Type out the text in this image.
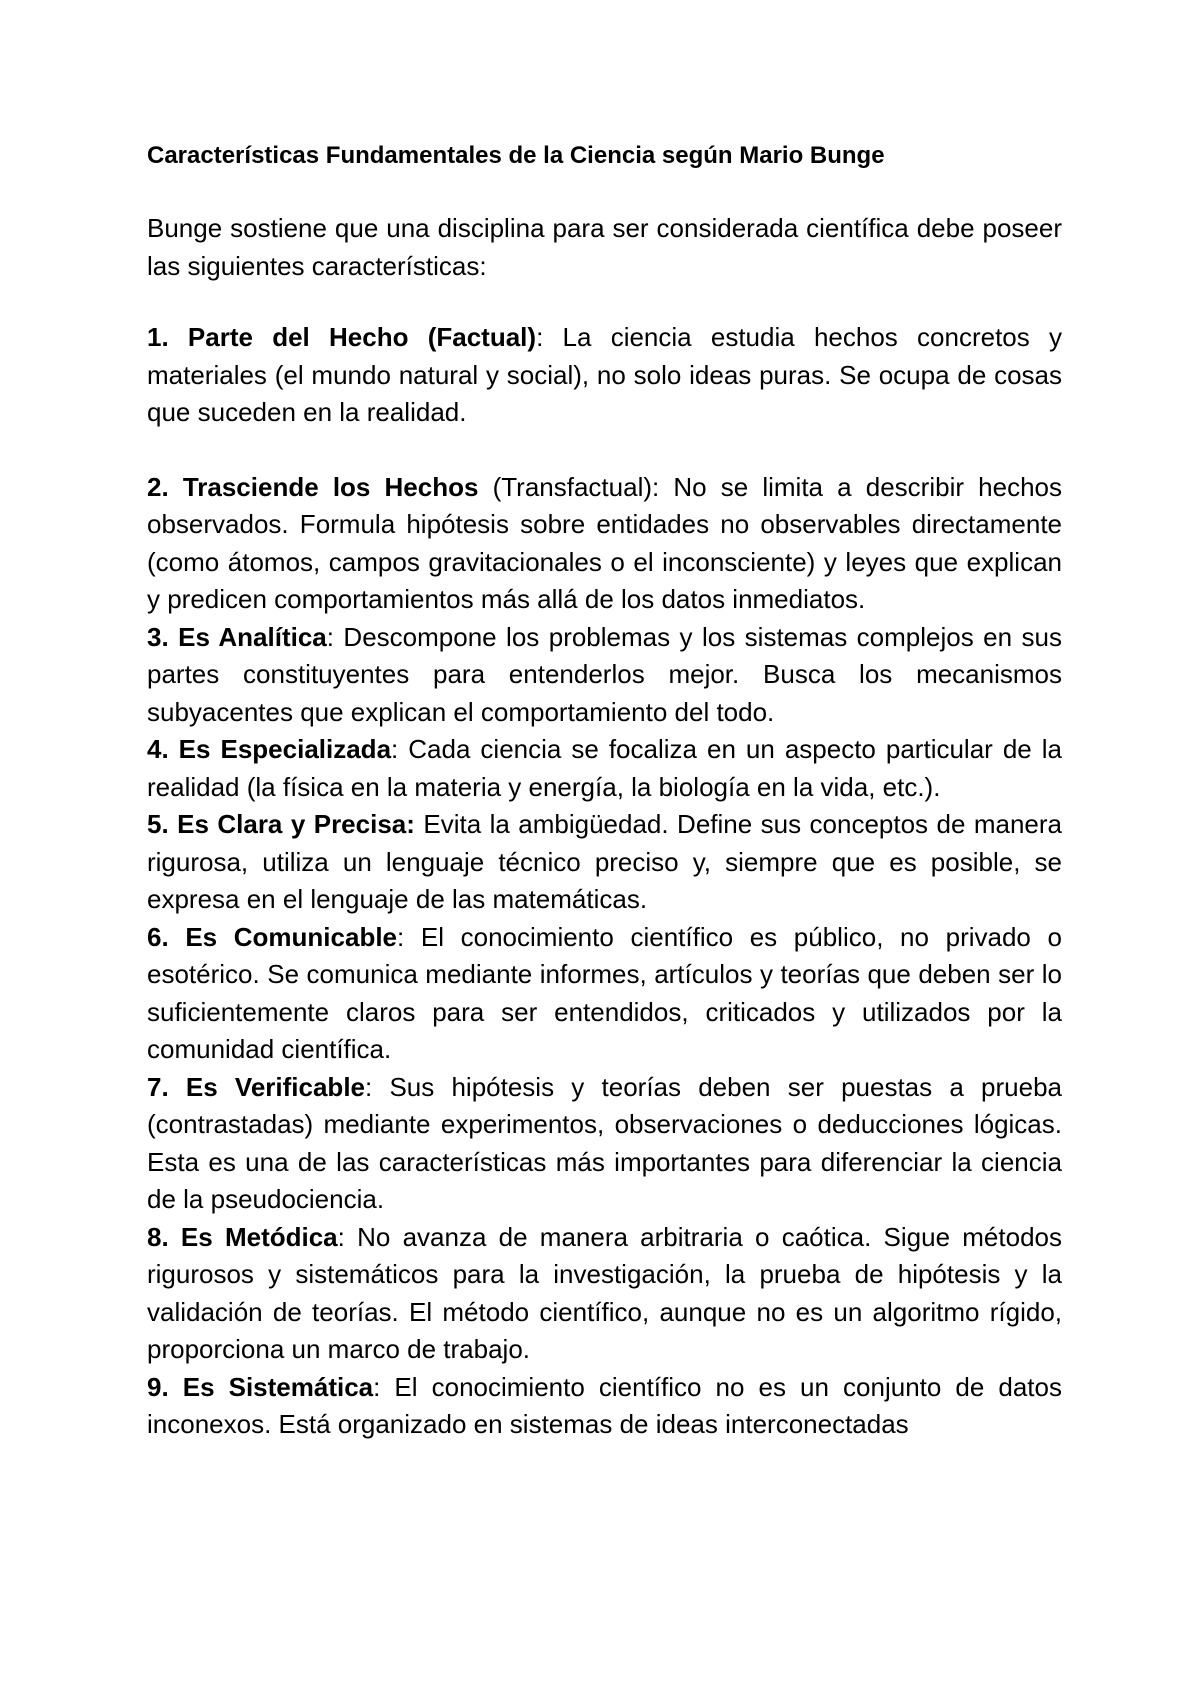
Características Fundamentales de la Ciencia según Mario Bunge

Bunge sostiene que una disciplina para ser considerada científica debe poseer las siguientes características:

1. Parte del Hecho (Factual): La ciencia estudia hechos concretos y materiales (el mundo natural y social), no solo ideas puras. Se ocupa de cosas que suceden en la realidad.

2. Trasciende los Hechos (Transfactual): No se limita a describir hechos observados. Formula hipótesis sobre entidades no observables directamente (como átomos, campos gravitacionales o el inconsciente) y leyes que explican y predicen comportamientos más allá de los datos inmediatos.

3. Es Analítica: Descompone los problemas y los sistemas complejos en sus partes constituyentes para entenderlos mejor. Busca los mecanismos subyacentes que explican el comportamiento del todo.

4. Es Especializada: Cada ciencia se focaliza en un aspecto particular de la realidad (la física en la materia y energía, la biología en la vida, etc.).

5. Es Clara y Precisa: Evita la ambigüedad. Define sus conceptos de manera rigurosa, utiliza un lenguaje técnico preciso y, siempre que es posible, se expresa en el lenguaje de las matemáticas.

6. Es Comunicable: El conocimiento científico es público, no privado o esotérico. Se comunica mediante informes, artículos y teorías que deben ser lo suficientemente claros para ser entendidos, criticados y utilizados por la comunidad científica.

7. Es Verificable: Sus hipótesis y teorías deben ser puestas a prueba (contrastadas) mediante experimentos, observaciones o deducciones lógicas. Esta es una de las características más importantes para diferenciar la ciencia de la pseudociencia.

8. Es Metódica: No avanza de manera arbitraria o caótica. Sigue métodos rigurosos y sistemáticos para la investigación, la prueba de hipótesis y la validación de teorías. El método científico, aunque no es un algoritmo rígido, proporciona un marco de trabajo.

9. Es Sistemática: El conocimiento científico no es un conjunto de datos inconexos. Está organizado en sistemas de ideas interconectadas
